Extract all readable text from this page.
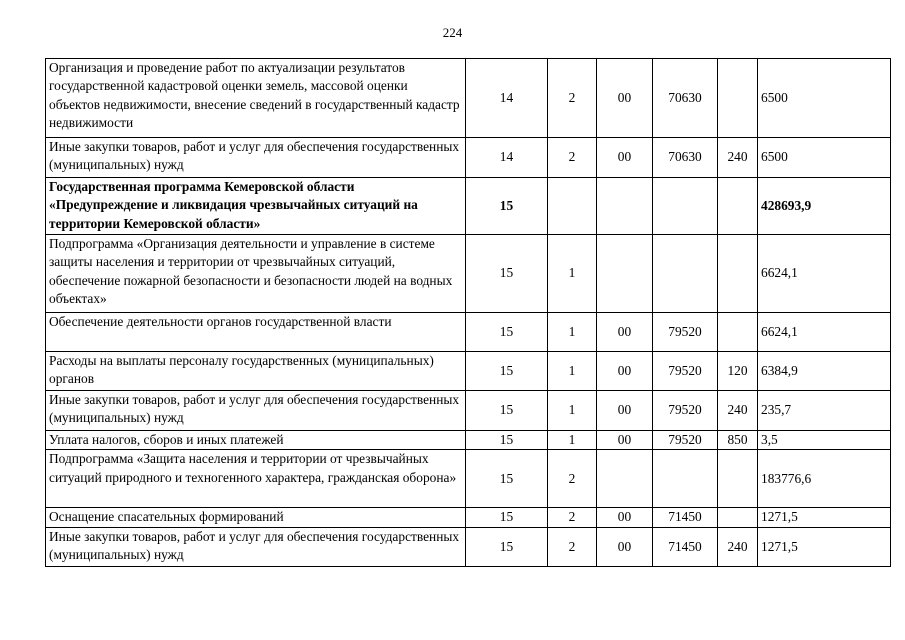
224
Организация и проведение работ по актуализации результатов государственной кадастровой оценки земель, массовой оценки объектов недвижимости, внесение сведений в государственный кадастр недвижимости	14	2	00	70630		6500
Иные закупки товаров, работ и услуг для обеспечения государственных (муниципальных) нужд	14	2	00	70630	240	6500
Государственная программа Кемеровской области «Предупреждение и ликвидация чрезвычайных ситуаций на территории Кемеровской области»	15					428693,9
Подпрограмма «Организация деятельности и управление в системе защиты населения и территории от чрезвычайных ситуаций, обеспечение пожарной безопасности и безопасности людей на водных объектах»	15	1				6624,1
Обеспечение деятельности органов государственной власти	15	1	00	79520		6624,1
Расходы на выплаты персоналу государственных (муниципальных) органов	15	1	00	79520	120	6384,9
Иные закупки товаров, работ и услуг для обеспечения государственных (муниципальных) нужд	15	1	00	79520	240	235,7
Уплата налогов, сборов и иных платежей	15	1	00	79520	850	3,5
Подпрограмма «Защита населения и территории от чрезвычайных ситуаций природного и техногенного характера, гражданская оборона»	15	2				183776,6
Оснащение спасательных формирований	15	2	00	71450		1271,5
Иные закупки товаров, работ и услуг для обеспечения государственных (муниципальных) нужд	15	2	00	71450	240	1271,5
